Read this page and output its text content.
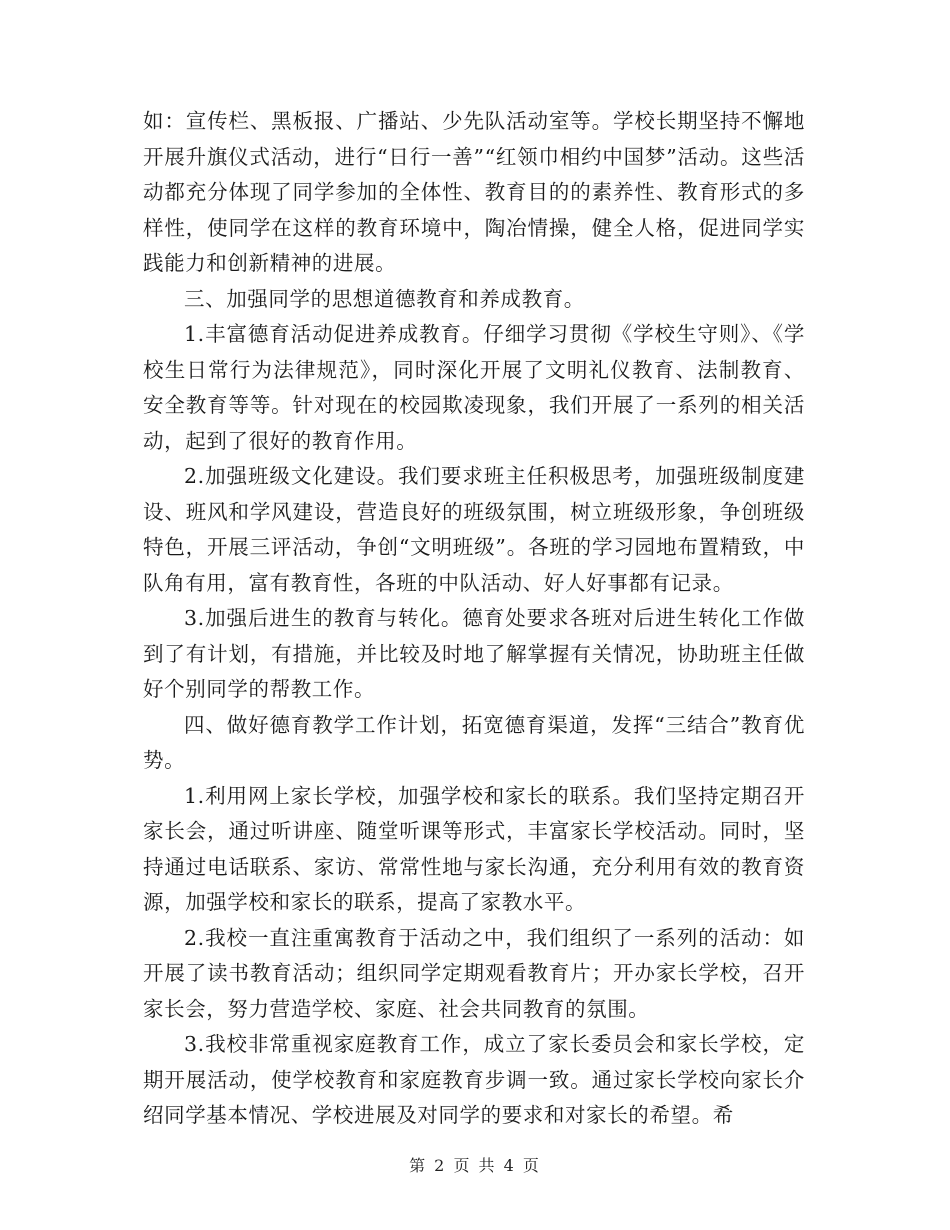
如：宣传栏、黑板报、广播站、少先队活动室等。学校长期坚持不懈地开展升旗仪式活动，进行“日行一善”“红领巾相约中国梦”活动。这些活动都充分体现了同学参加的全体性、教育目的的素养性、教育形式的多样性，使同学在这样的教育环境中，陶冶情操，健全人格，促进同学实践能力和创新精神的进展。

三、加强同学的思想道德教育和养成教育。

1.丰富德育活动促进养成教育。仔细学习贯彻《学校生守则》、《学校生日常行为法律规范》，同时深化开展了文明礼仪教育、法制教育、安全教育等等。针对现在的校园欺凌现象，我们开展了一系列的相关活动，起到了很好的教育作用。

2.加强班级文化建设。我们要求班主任积极思考，加强班级制度建设、班风和学风建设，营造良好的班级氛围，树立班级形象，争创班级特色，开展三评活动，争创“文明班级”。各班的学习园地布置精致，中队角有用，富有教育性，各班的中队活动、好人好事都有记录。

3.加强后进生的教育与转化。德育处要求各班对后进生转化工作做到了有计划，有措施，并比较及时地了解掌握有关情况，协助班主任做好个别同学的帮教工作。

四、做好德育教学工作计划，拓宽德育渠道，发挥“三结合”教育优势。

1.利用网上家长学校，加强学校和家长的联系。我们坚持定期召开家长会，通过听讲座、随堂听课等形式，丰富家长学校活动。同时，坚持通过电话联系、家访、常常性地与家长沟通，充分利用有效的教育资源，加强学校和家长的联系，提高了家教水平。

2.我校一直注重寓教育于活动之中，我们组织了一系列的活动：如开展了读书教育活动；组织同学定期观看教育片；开办家长学校，召开家长会，努力营造学校、家庭、社会共同教育的氛围。

3.我校非常重视家庭教育工作，成立了家长委员会和家长学校，定期开展活动，使学校教育和家庭教育步调一致。通过家长学校向家长介绍同学基本情况、学校进展及对同学的要求和对家长的希望。希

第 2 页 共 4 页
